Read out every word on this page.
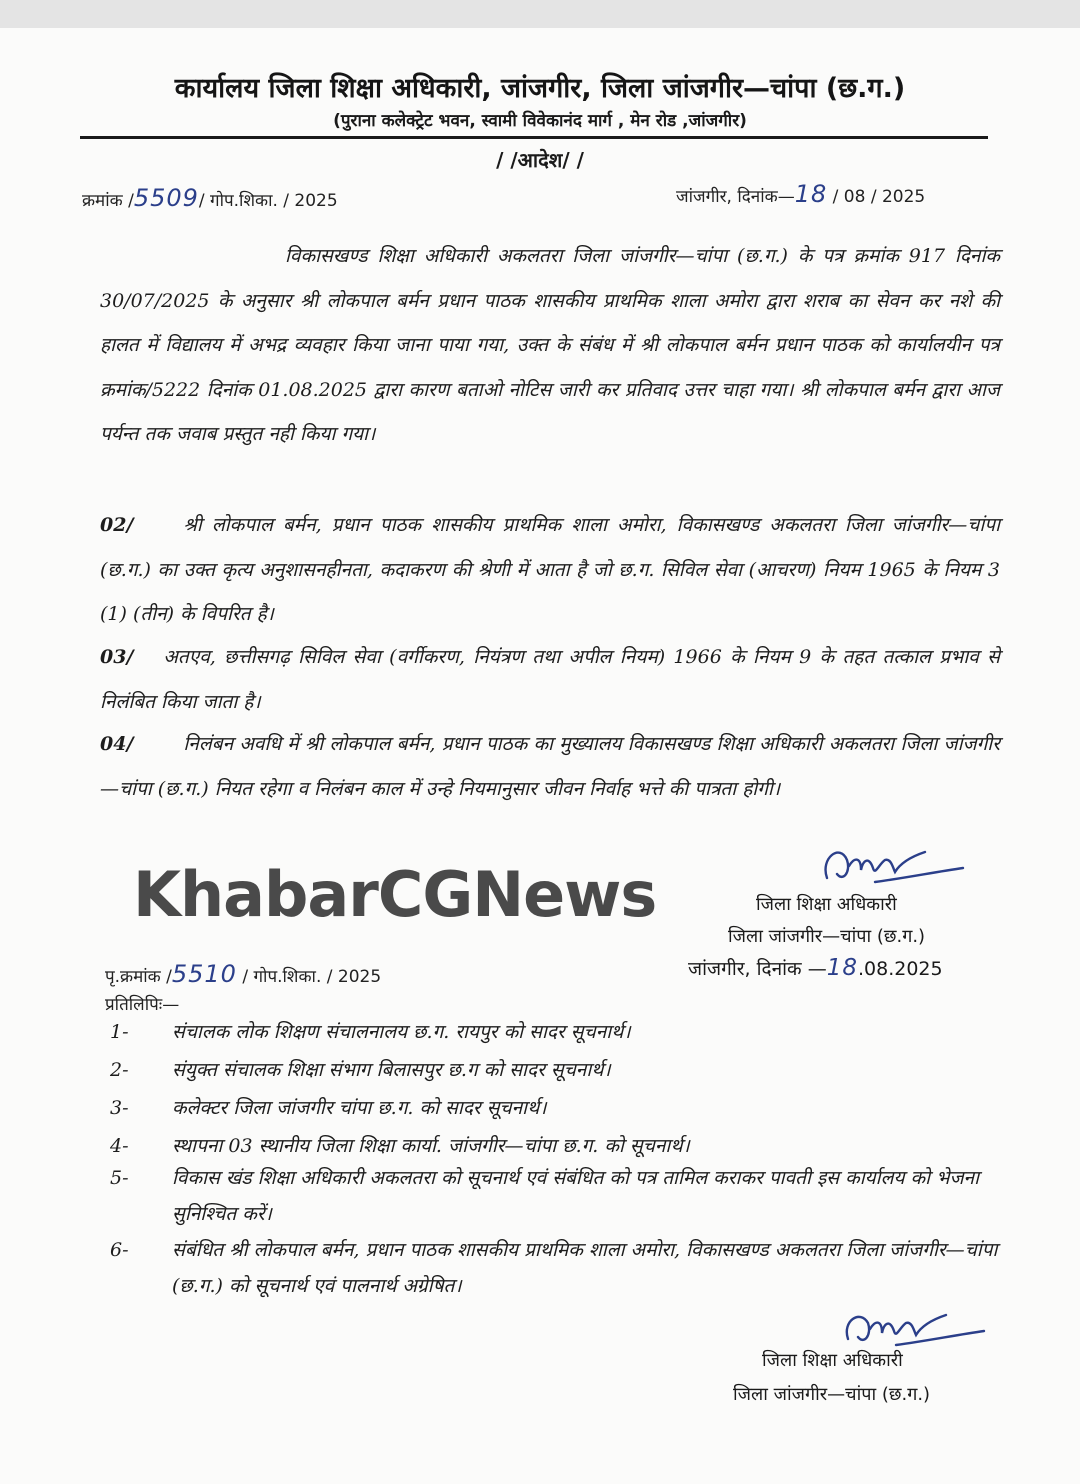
कार्यालय जिला शिक्षा अधिकारी, जांजगीर, जिला जांजगीर—चांपा (छ.ग.)
(पुराना कलेक्ट्रेट भवन, स्वामी विवेकानंद मार्ग , मेन रोड ,जांजगीर)
/ /आदेश/ /
क्रमांक /5509/ गोप.शिका. / 2025	जांजगीर, दिनांक—18 / 08 / 2025
विकासखण्ड शिक्षा अधिकारी अकलतरा जिला जांजगीर—चांपा (छ.ग.) के पत्र क्रमांक 917 दिनांक 30/07/2025 के अनुसार श्री लोकपाल बर्मन प्रधान पाठक शासकीय प्राथमिक शाला अमोरा द्वारा शराब का सेवन कर नशे की हालत में विद्यालय में अभद्र व्यवहार किया जाना पाया गया, उक्त के संबंध में श्री लोकपाल बर्मन प्रधान पाठक को कार्यालयीन पत्र क्रमांक/5222 दिनांक 01.08.2025 द्वारा कारण बताओ नोटिस जारी कर प्रतिवाद उत्तर चाहा गया। श्री लोकपाल बर्मन द्वारा आज पर्यन्त तक जवाब प्रस्तुत नही किया गया।
02/	श्री लोकपाल बर्मन, प्रधान पाठक शासकीय प्राथमिक शाला अमोरा, विकासखण्ड अकलतरा जिला जांजगीर—चांपा (छ.ग.) का उक्त कृत्य अनुशासनहीनता, कदाकरण की श्रेणी में आता है जो छ.ग. सिविल सेवा (आचरण) नियम 1965 के नियम 3 (1) (तीन) के विपरित है।
03/ अतएव, छत्तीसगढ़ सिविल सेवा (वर्गीकरण, नियंत्रण तथा अपील नियम) 1966 के नियम 9 के तहत तत्काल प्रभाव से निलंबित किया जाता है।
04/	निलंबन अवधि में श्री लोकपाल बर्मन, प्रधान पाठक का मुख्यालय विकासखण्ड शिक्षा अधिकारी अकलतरा जिला जांजगीर—चांपा (छ.ग.) नियत रहेगा व निलंबन काल में उन्हे नियमानुसार जीवन निर्वाह भत्ते की पात्रता होगी।
KhabarCGNews	जिला शिक्षा अधिकारी
जिला जांजगीर—चांपा (छ.ग.)
पृ.क्रमांक /5510 / गोप.शिका. / 2025	जांजगीर, दिनांक —18.08.2025
प्रतिलिपिः—
1- संचालक लोक शिक्षण संचालनालय छ.ग. रायपुर को सादर सूचनार्थ।
2- संयुक्त संचालक शिक्षा संभाग बिलासपुर छ.ग को सादर सूचनार्थ।
3- कलेक्टर जिला जांजगीर चांपा छ.ग. को सादर सूचनार्थ।
4- स्थापना 03 स्थानीय जिला शिक्षा कार्या. जांजगीर—चांपा छ.ग. को सूचनार्थ।
5- विकास खंड शिक्षा अधिकारी अकलतरा को सूचनार्थ एवं संबंधित को पत्र तामिल कराकर पावती इस कार्यालय को भेजना सुनिश्चित करें।
6- संबंधित श्री लोकपाल बर्मन, प्रधान पाठक शासकीय प्राथमिक शाला अमोरा, विकासखण्ड अकलतरा जिला जांजगीर—चांपा (छ.ग.) को सूचनार्थ एवं पालनार्थ अग्रेषित।
जिला शिक्षा अधिकारी
जिला जांजगीर—चांपा (छ.ग.)
